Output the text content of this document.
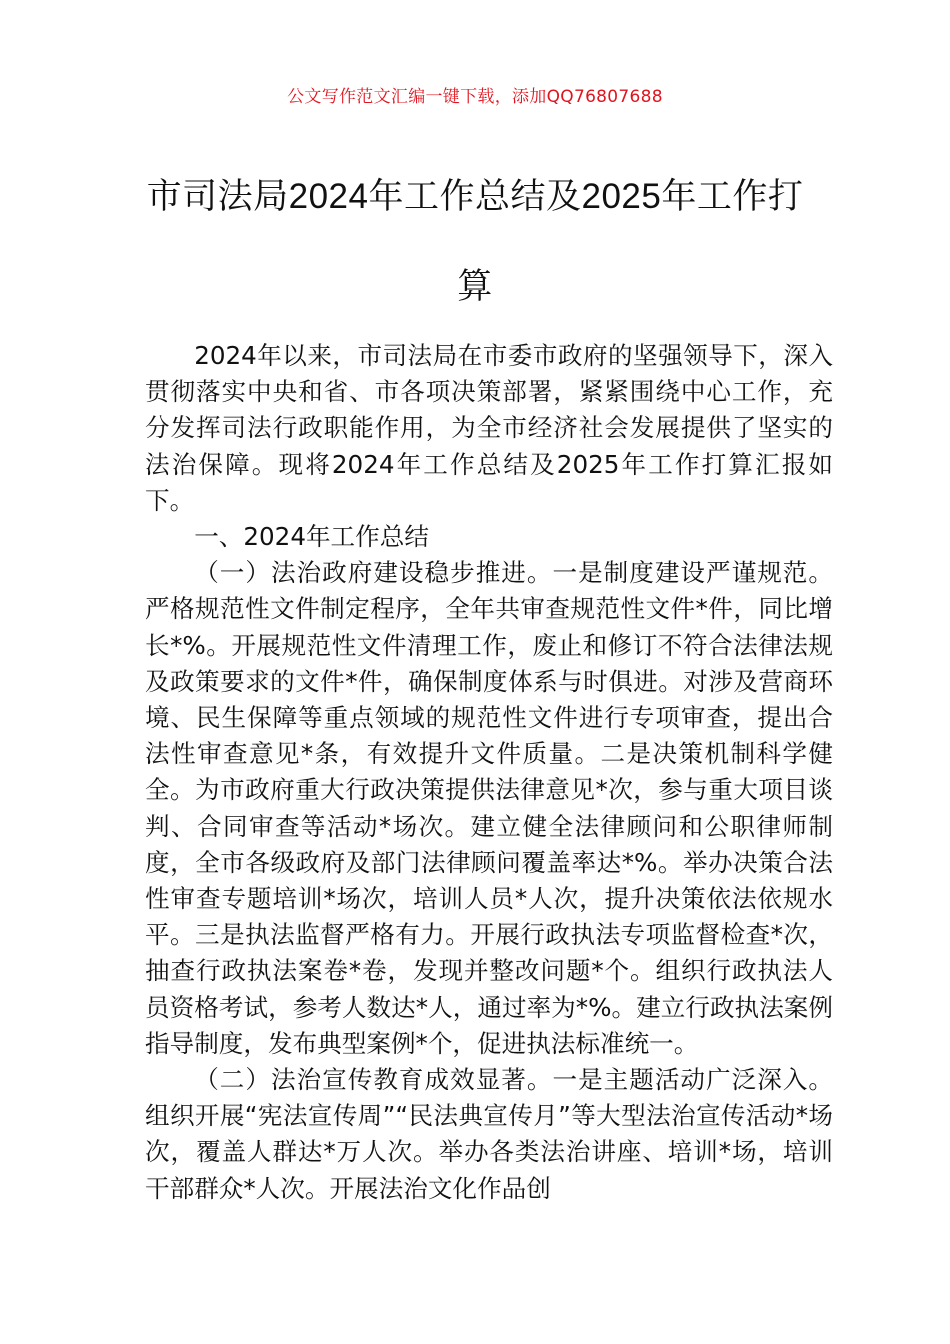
公文写作范文汇编一键下载，添加QQ76807688
市司法局2024年工作总结及2025年工作打算

2024年以来，市司法局在市委市政府的坚强领导下，深入贯彻落实中央和省、市各项决策部署，紧紧围绕中心工作，充分发挥司法行政职能作用，为全市经济社会发展提供了坚实的法治保障。现将2024年工作总结及2025年工作打算汇报如下。

一、2024年工作总结

（一）法治政府建设稳步推进。一是制度建设严谨规范。严格规范性文件制定程序，全年共审查规范性文件*件，同比增长*%。开展规范性文件清理工作，废止和修订不符合法律法规及政策要求的文件*件，确保制度体系与时俱进。对涉及营商环境、民生保障等重点领域的规范性文件进行专项审查，提出合法性审查意见*条，有效提升文件质量。二是决策机制科学健全。为市政府重大行政决策提供法律意见*次，参与重大项目谈判、合同审查等活动*场次。建立健全法律顾问和公职律师制度，全市各级政府及部门法律顾问覆盖率达*%。举办决策合法性审查专题培训*场次，培训人员*人次，提升决策依法依规水平。三是执法监督严格有力。开展行政执法专项监督检查*次，抽查行政执法案卷*卷，发现并整改问题*个。组织行政执法人员资格考试，参考人数达*人，通过率为*%。建立行政执法案例指导制度，发布典型案例*个，促进执法标准统一。

（二）法治宣传教育成效显著。一是主题活动广泛深入。组织开展“宪法宣传周”“民法典宣传月”等大型法治宣传活动*场次，覆盖人群达*万人次。举办各类法治讲座、培训*场，培训干部群众*人次。开展法治文化作品创
